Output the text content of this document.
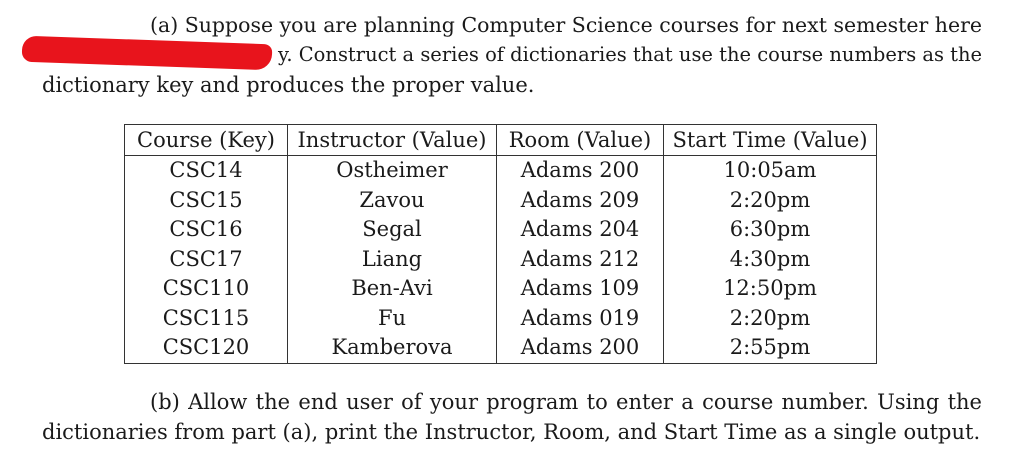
(a) Suppose you are planning Computer Science courses for next semester here
y. Construct a series of dictionaries that use the course numbers as the
dictionary key and produces the proper value.
Course (Key)	Instructor (Value)	Room (Value)	Start Time (Value)
CSC14	Ostheimer	Adams 200	10:05am
CSC15	Zavou	Adams 209	2:20pm
CSC16	Segal	Adams 204	6:30pm
CSC17	Liang	Adams 212	4:30pm
CSC110	Ben-Avi	Adams 109	12:50pm
CSC115	Fu	Adams 019	2:20pm
CSC120	Kamberova	Adams 200	2:55pm
(b) Allow the end user of your program to enter a course number. Using the
dictionaries from part (a), print the Instructor, Room, and Start Time as a single output.
